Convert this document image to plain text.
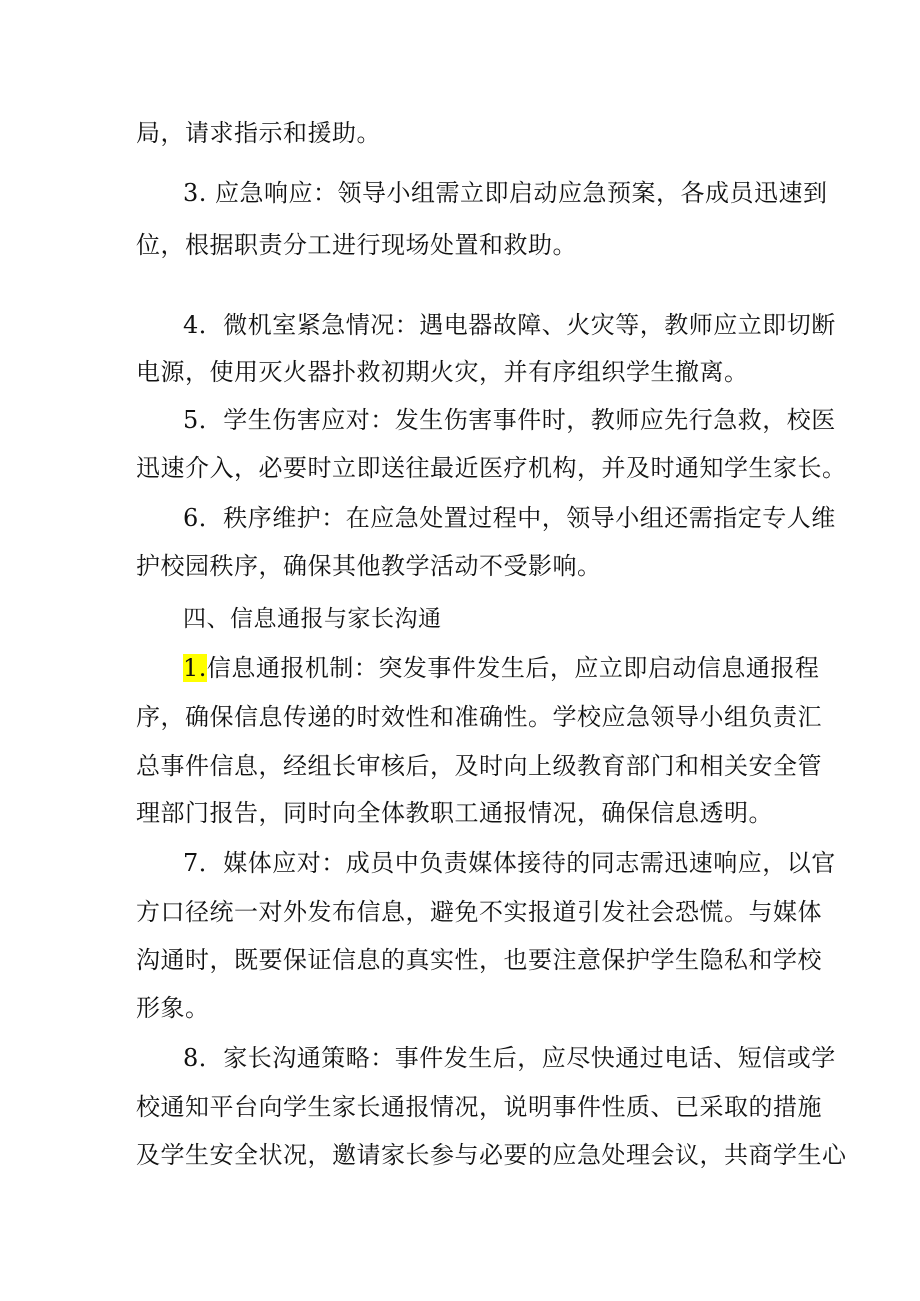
局，请求指示和援助。
3. 应急响应：领导小组需立即启动应急预案，各成员迅速到
位，根据职责分工进行现场处置和救助。
4．微机室紧急情况：遇电器故障、火灾等，教师应立即切断
电源，使用灭火器扑救初期火灾，并有序组织学生撤离。
5．学生伤害应对：发生伤害事件时，教师应先行急救，校医
迅速介入，必要时立即送往最近医疗机构，并及时通知学生家长。
6．秩序维护：在应急处置过程中，领导小组还需指定专人维
护校园秩序，确保其他教学活动不受影响。
四、信息通报与家长沟通
1.信息通报机制：突发事件发生后，应立即启动信息通报程
序，确保信息传递的时效性和准确性。学校应急领导小组负责汇
总事件信息，经组长审核后，及时向上级教育部门和相关安全管
理部门报告，同时向全体教职工通报情况，确保信息透明。
7．媒体应对：成员中负责媒体接待的同志需迅速响应，以官
方口径统一对外发布信息，避免不实报道引发社会恐慌。与媒体
沟通时，既要保证信息的真实性，也要注意保护学生隐私和学校
形象。
8．家长沟通策略：事件发生后，应尽快通过电话、短信或学
校通知平台向学生家长通报情况，说明事件性质、已采取的措施
及学生安全状况，邀请家长参与必要的应急处理会议，共商学生心
